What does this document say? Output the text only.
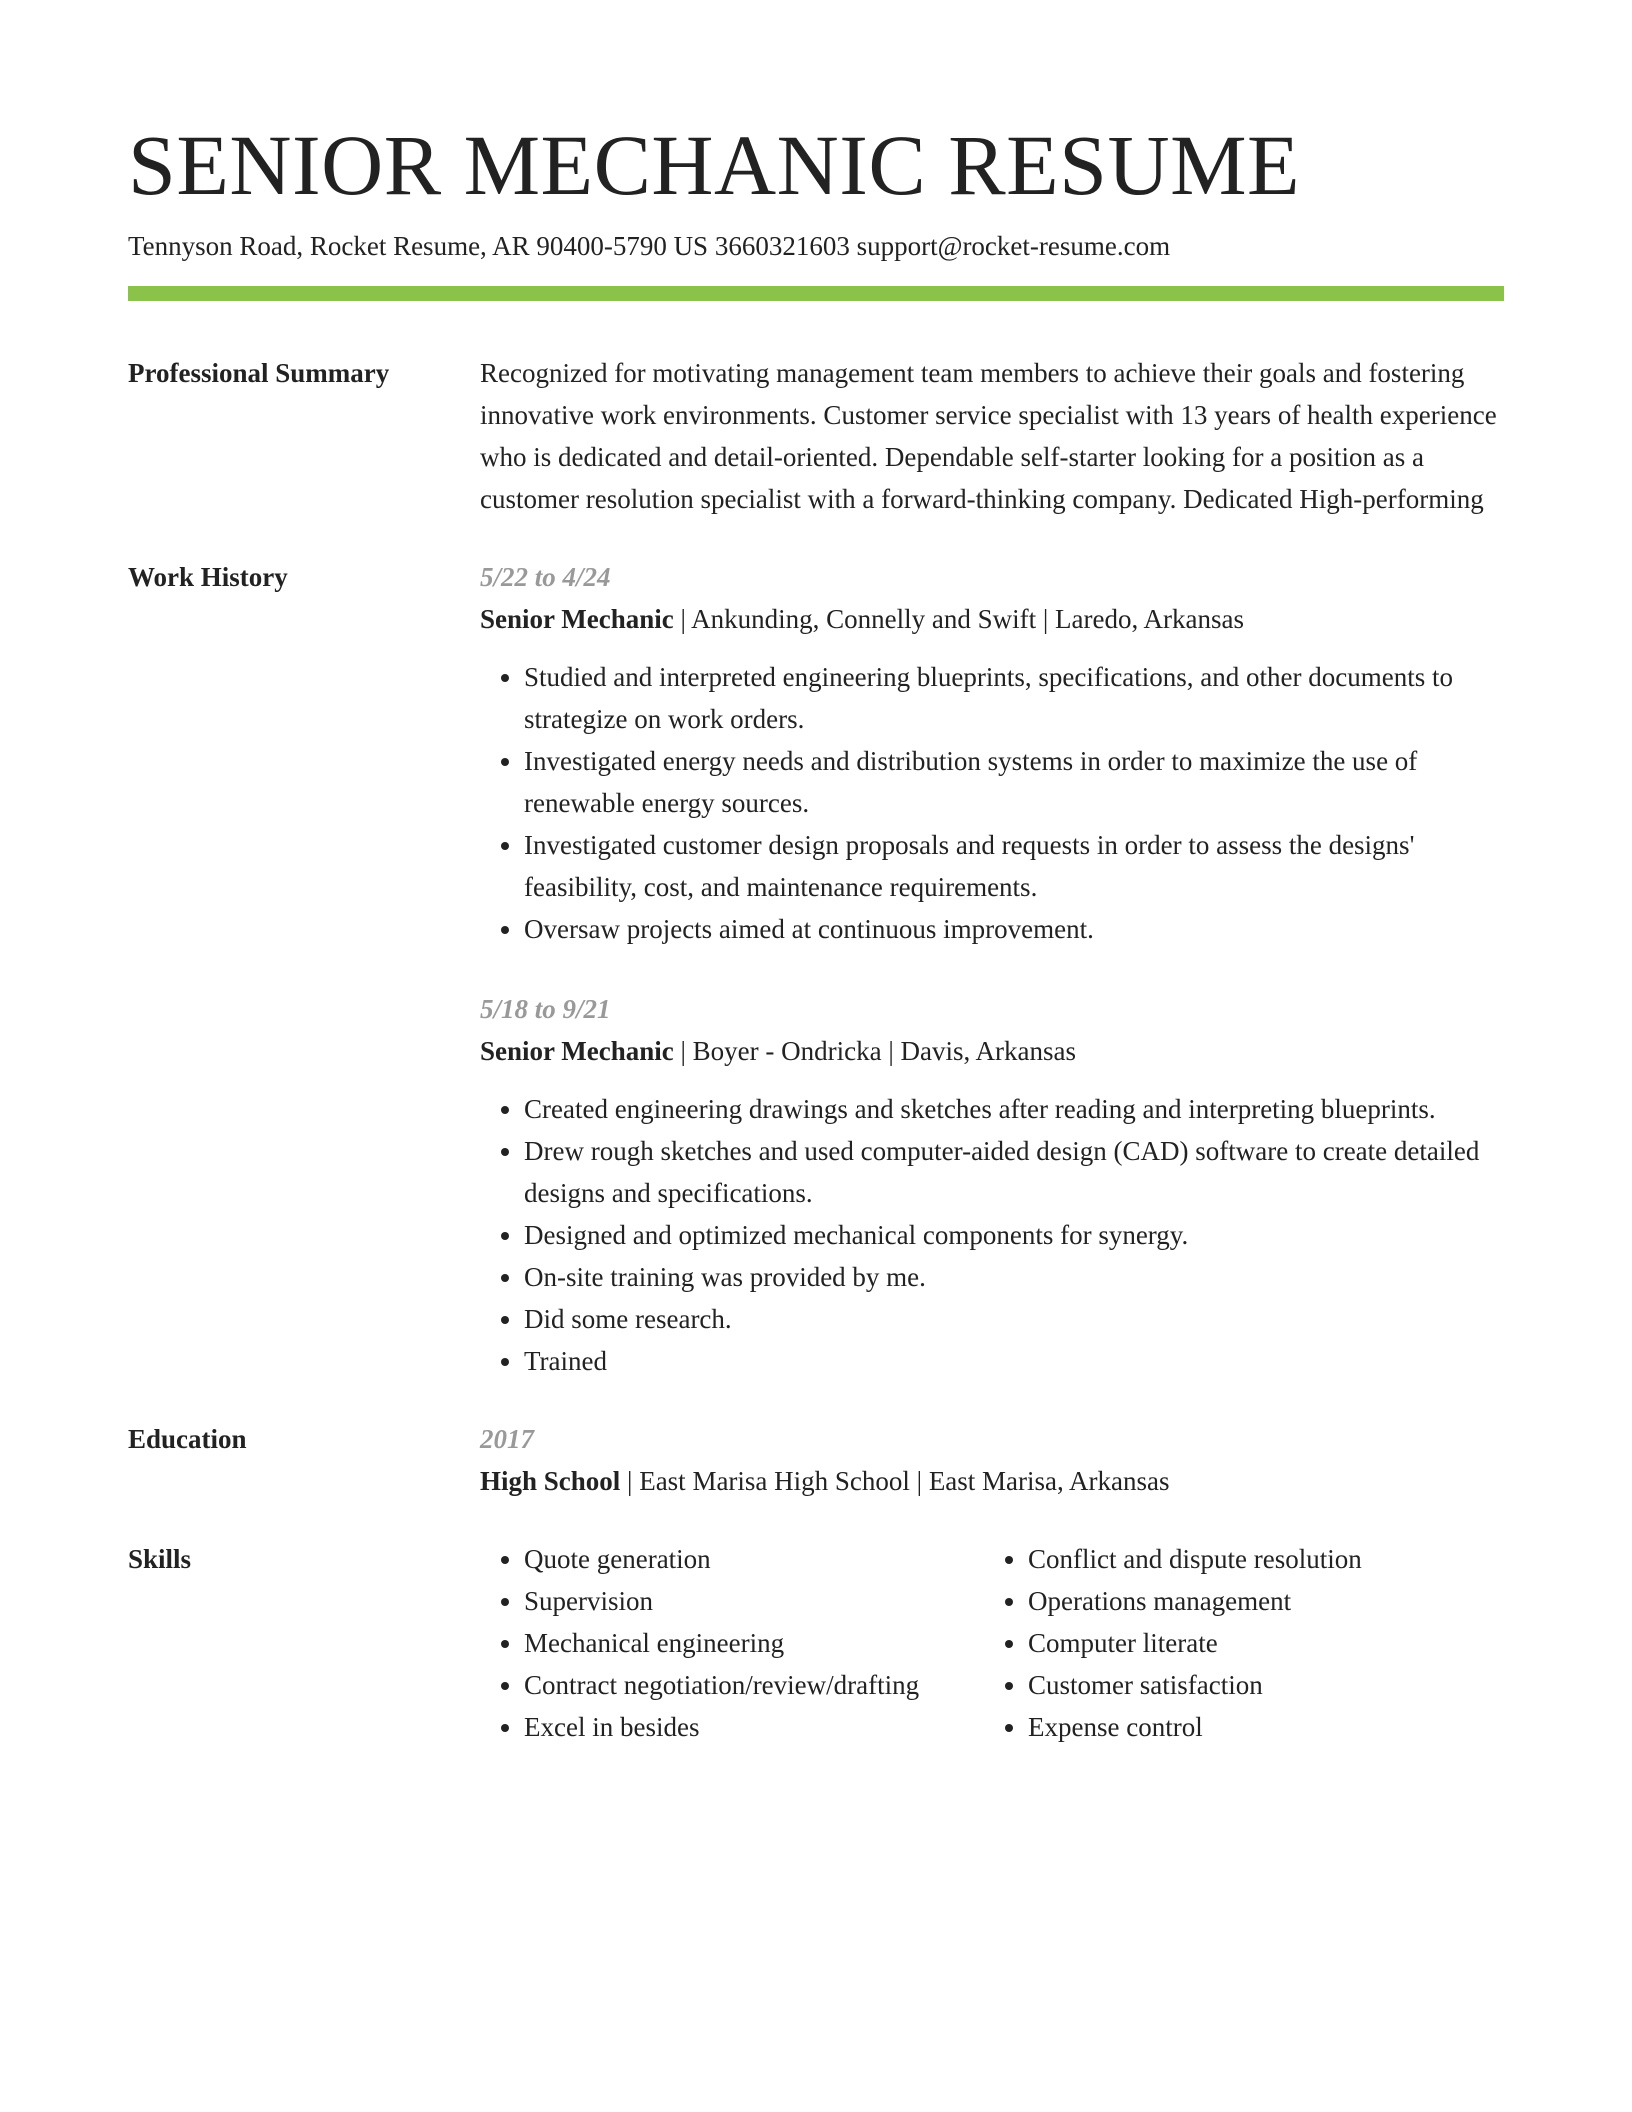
SENIOR MECHANIC RESUME
Tennyson Road, Rocket Resume, AR 90400-5790 US 3660321603 support@rocket-resume.com
Professional Summary	Recognized for motivating management team members to achieve their goals and fostering innovative work environments. Customer service specialist with 13 years of health experience who is dedicated and detail-oriented. Dependable self-starter looking for a position as a customer resolution specialist with a forward-thinking company. Dedicated High-performing

Work History	5/22 to 4/24
Senior Mechanic | Ankunding, Connelly and Swift | Laredo, Arkansas
• Studied and interpreted engineering blueprints, specifications, and other documents to strategize on work orders.
• Investigated energy needs and distribution systems in order to maximize the use of renewable energy sources.
• Investigated customer design proposals and requests in order to assess the designs' feasibility, cost, and maintenance requirements.
• Oversaw projects aimed at continuous improvement.
5/18 to 9/21
Senior Mechanic | Boyer - Ondricka | Davis, Arkansas
• Created engineering drawings and sketches after reading and interpreting blueprints.
• Drew rough sketches and used computer-aided design (CAD) software to create detailed designs and specifications.
• Designed and optimized mechanical components for synergy.
• On-site training was provided by me.
• Did some research.
• Trained
Education	2017
High School | East Marisa High School | East Marisa, Arkansas
Skills
•	Quote generation
• Supervision
• Mechanical engineering
• Contract negotiation/review/drafting
• Excel in besides
• Conflict and dispute resolution
• Operations management
• Computer literate
• Customer satisfaction
• Expense control
